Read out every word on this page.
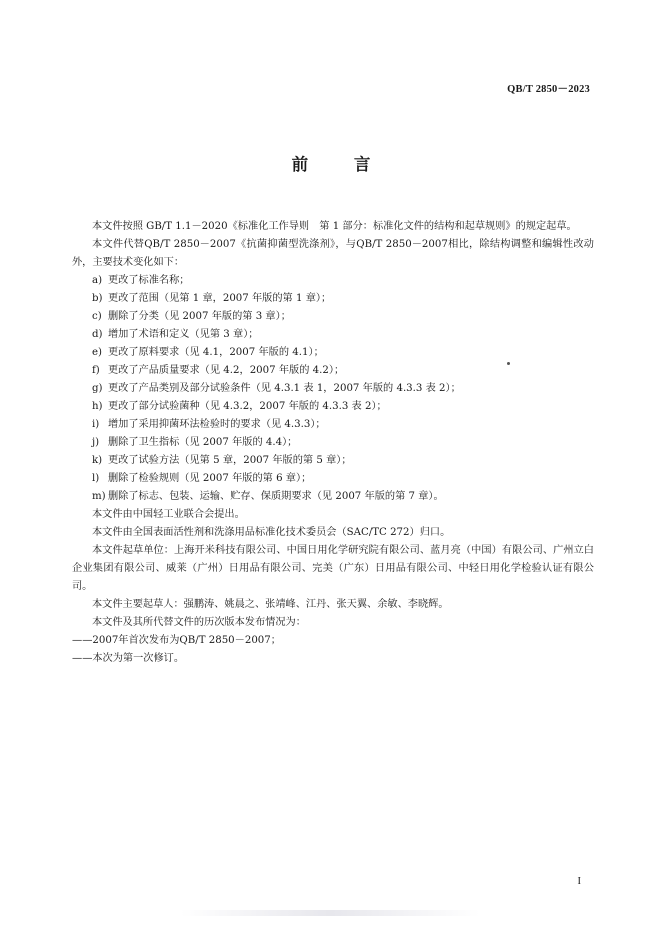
QB/T 2850－2023
前 言

本文件按照 GB/T 1.1－2020《标准化工作导则　第 1 部分：标准化文件的结构和起草规则》的规定起草。

本文件代替QB/T 2850－2007《抗菌抑菌型洗涤剂》，与QB/T 2850－2007相比，除结构调整和编辑性改动外，主要技术变化如下：

a) 更改了标准名称；
b) 更改了范围（见第 1 章，2007 年版的第 1 章）；
c) 删除了分类（见 2007 年版的第 3 章）；
d) 增加了术语和定义（见第 3 章）；
e) 更改了原料要求（见 4.1，2007 年版的 4.1）；
f) 更改了产品质量要求（见 4.2，2007 年版的 4.2）；
g) 更改了产品类别及部分试验条件（见 4.3.1 表 1，2007 年版的 4.3.3 表 2）；
h) 更改了部分试验菌种（见 4.3.2，2007 年版的 4.3.3 表 2）；
i) 增加了采用抑菌环法检验时的要求（见 4.3.3）；
j) 删除了卫生指标（见 2007 年版的 4.4）；
k) 更改了试验方法（见第 5 章，2007 年版的第 5 章）；
l) 删除了检验规则（见 2007 年版的第 6 章）；
m) 删除了标志、包装、运输、贮存、保质期要求（见 2007 年版的第 7 章）。

本文件由中国轻工业联合会提出。

本文件由全国表面活性剂和洗涤用品标准化技术委员会（SAC/TC 272）归口。

本文件起草单位：上海开米科技有限公司、中国日用化学研究院有限公司、蓝月亮（中国）有限公司、广州立白企业集团有限公司、威莱（广州）日用品有限公司、完美（广东）日用品有限公司、中轻日用化学检验认证有限公司。

本文件主要起草人：强鹏涛、姚晨之、张靖峰、江丹、张天翼、余敏、李晓辉。

本文件及其所代替文件的历次版本发布情况为：

——2007年首次发布为QB/T 2850－2007；

——本次为第一次修订。

I
